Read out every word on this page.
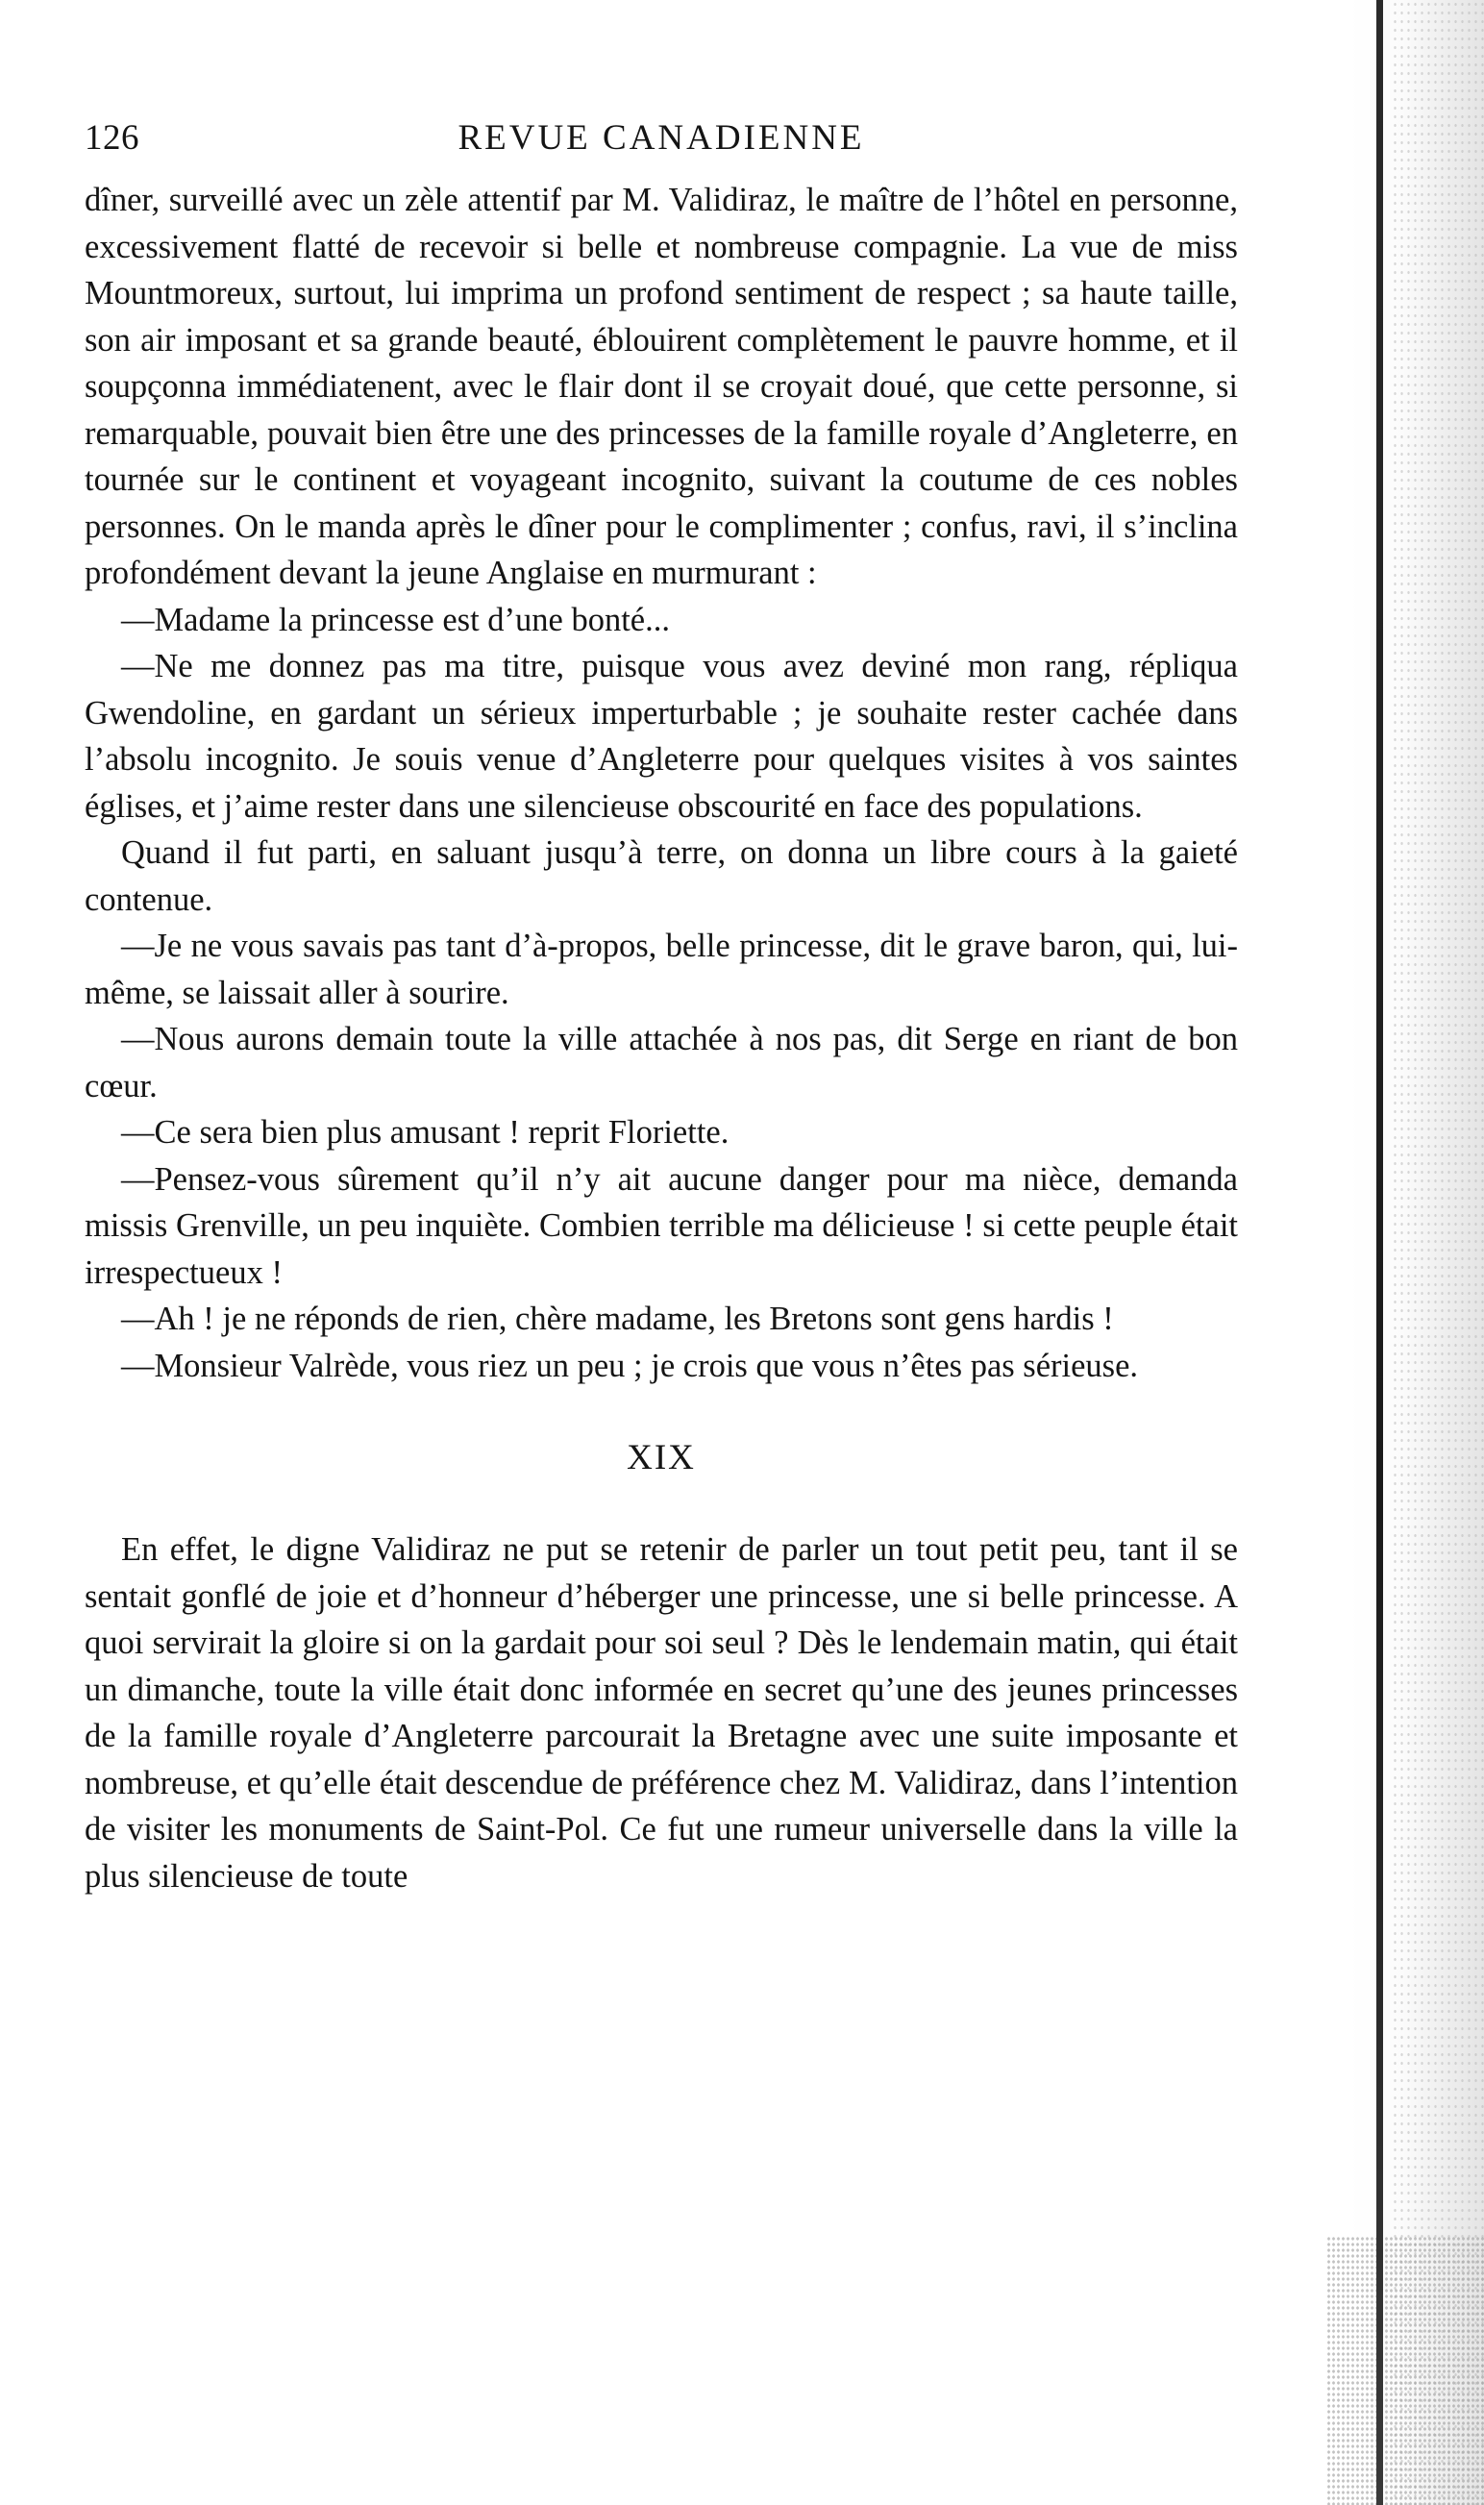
126	REVUE CANADIENNE

dîner, surveillé avec un zèle attentif par M. Validiraz, le maître de l’hôtel en personne, excessivement flatté de recevoir si belle et nombreuse compagnie. La vue de miss Mountmoreux, surtout, lui imprima un profond sentiment de respect ; sa haute taille, son air imposant et sa grande beauté, éblouirent complètement le pauvre homme, et il soupçonna immédiatenent, avec le flair dont il se croyait doué, que cette personne, si remarquable, pouvait bien être une des princesses de la famille royale d’Angleterre, en tournée sur le continent et voyageant incognito, suivant la coutume de ces nobles personnes. On le manda après le dîner pour le complimenter ; confus, ravi, il s’inclina profondément devant la jeune Anglaise en murmurant :

—Madame la princesse est d’une bonté...

—Ne me donnez pas ma titre, puisque vous avez deviné mon rang, répliqua Gwendoline, en gardant un sérieux imperturbable ; je souhaite rester cachée dans l’absolu incognito. Je souis venue d’Angleterre pour quelques visites à vos saintes églises, et j’aime rester dans une silencieuse obscourité en face des populations.

Quand il fut parti, en saluant jusqu’à terre, on donna un libre cours à la gaieté contenue.

—Je ne vous savais pas tant d’à-propos, belle princesse, dit le grave baron, qui, lui-même, se laissait aller à sourire.

—Nous aurons demain toute la ville attachée à nos pas, dit Serge en riant de bon cœur.

—Ce sera bien plus amusant ! reprit Floriette.

—Pensez-vous sûrement qu’il n’y ait aucune danger pour ma nièce, demanda missis Grenville, un peu inquiète. Combien terrible ma délicieuse ! si cette peuple était irrespectueux !

—Ah ! je ne réponds de rien, chère madame, les Bretons sont gens hardis !

—Monsieur Valrède, vous riez un peu ; je crois que vous n’êtes pas sérieuse.

XIX

En effet, le digne Validiraz ne put se retenir de parler un tout petit peu, tant il se sentait gonflé de joie et d’honneur d’héberger une princesse, une si belle princesse. A quoi servirait la gloire si on la gardait pour soi seul ? Dès le lendemain matin, qui était un dimanche, toute la ville était donc informée en secret qu’une des jeunes princesses de la famille royale d’Angleterre parcourait la Bretagne avec une suite imposante et nombreuse, et qu’elle était descendue de préférence chez M. Validiraz, dans l’intention de visiter les monuments de Saint-Pol. Ce fut une rumeur universelle dans la ville la plus silencieuse de toute
